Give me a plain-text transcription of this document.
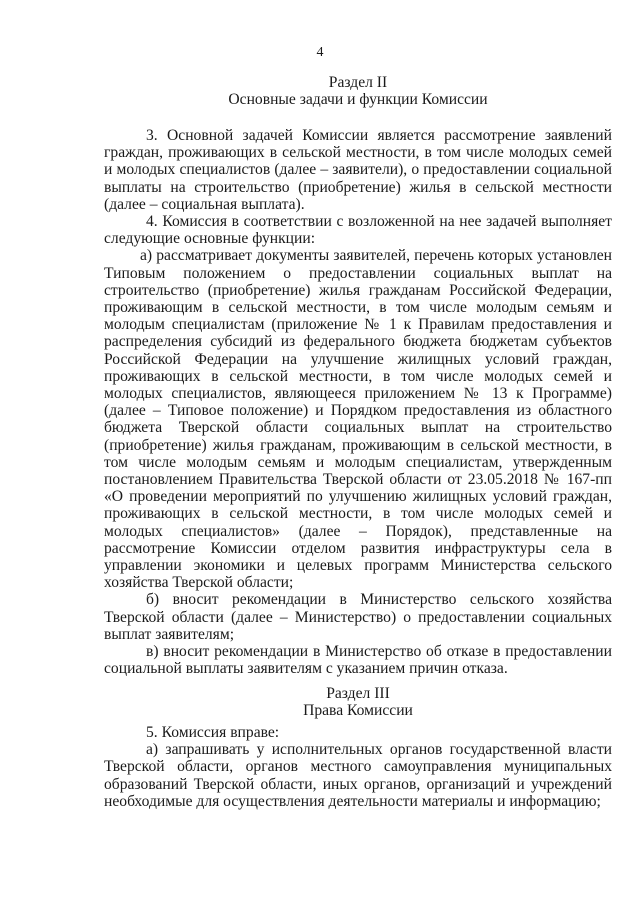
4
Раздел II
Основные задачи и функции Комиссии

3. Основной задачей Комиссии является рассмотрение заявлений граждан, проживающих в сельской местности, в том числе молодых семей и молодых специалистов (далее – заявители), о предоставлении социальной выплаты на строительство (приобретение) жилья в сельской местности (далее – социальная выплата).

4. Комиссия в соответствии с возложенной на нее задачей выполняет следующие основные функции:

а) рассматривает документы заявителей, перечень которых установлен Типовым положением о предоставлении социальных выплат на строительство (приобретение) жилья гражданам Российской Федерации, проживающим в сельской местности, в том числе молодым семьям и молодым специалистам (приложение № 1 к Правилам предоставления и распределения субсидий из федерального бюджета бюджетам субъектов Российской Федерации на улучшение жилищных условий граждан, проживающих в сельской местности, в том числе молодых семей и молодых специалистов, являющееся приложением № 13 к Программе) (далее – Типовое положение) и Порядком предоставления из областного бюджета Тверской области социальных выплат на строительство (приобретение) жилья гражданам, проживающим в сельской местности, в том числе молодым семьям и молодым специалистам, утвержденным постановлением Правительства Тверской области от 23.05.2018 № 167-пп «О проведении мероприятий по улучшению жилищных условий граждан, проживающих в сельской местности, в том числе молодых семей и молодых специалистов» (далее – Порядок), представленные на рассмотрение Комиссии отделом развития инфраструктуры села в управлении экономики и целевых программ Министерства сельского хозяйства Тверской области;

б) вносит рекомендации в Министерство сельского хозяйства Тверской области (далее – Министерство) о предоставлении социальных выплат заявителям;

в) вносит рекомендации в Министерство об отказе в предоставлении социальной выплаты заявителям с указанием причин отказа.

Раздел III
Права Комиссии

5. Комиссия вправе:

а) запрашивать у исполнительных органов государственной власти Тверской области, органов местного самоуправления муниципальных образований Тверской области, иных органов, организаций и учреждений необходимые для осуществления деятельности материалы и информацию;
